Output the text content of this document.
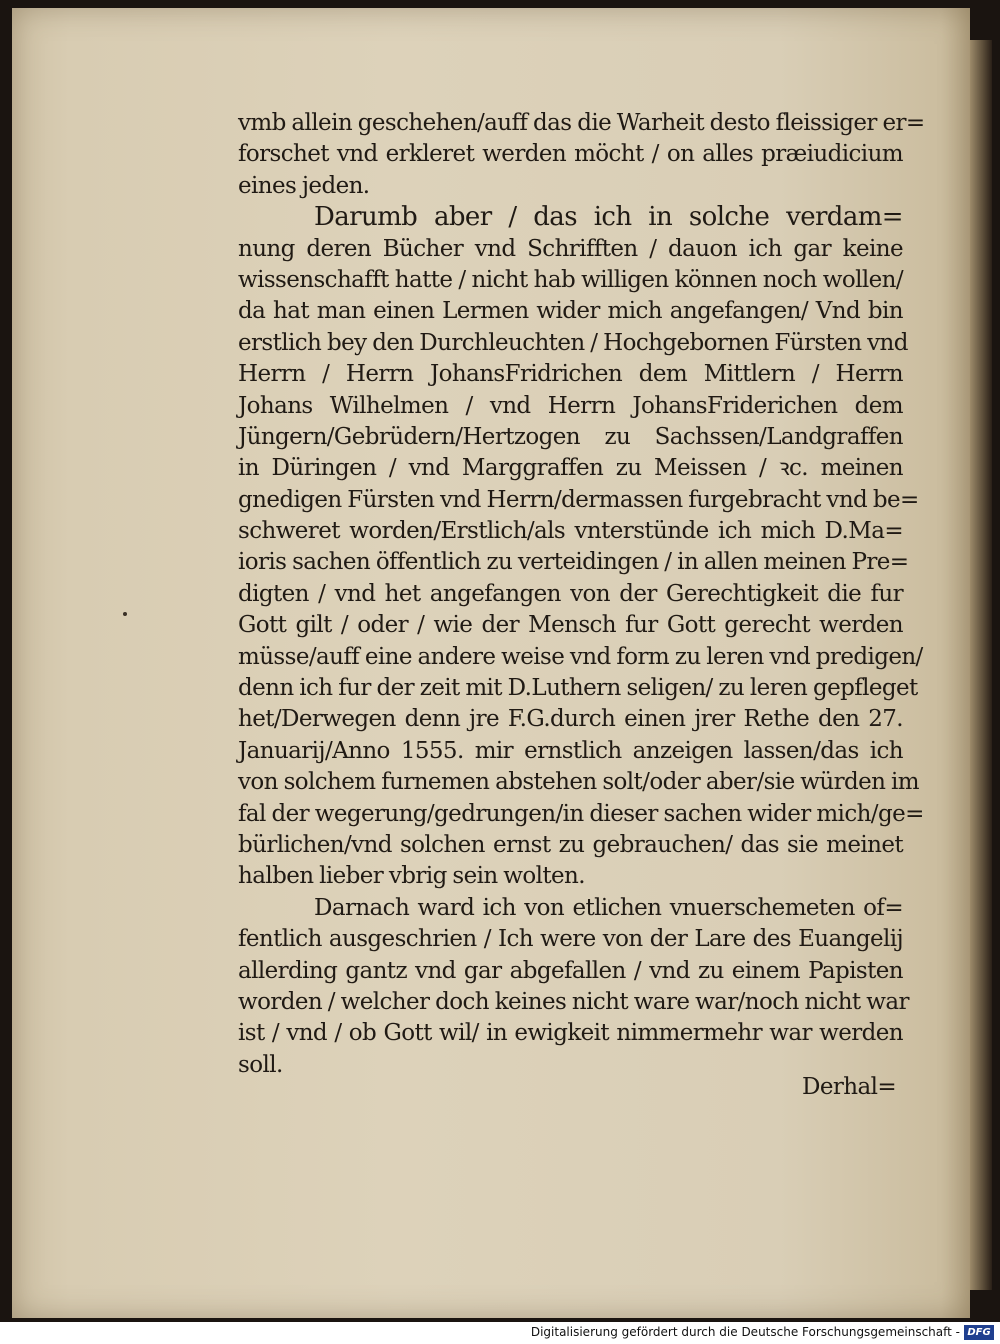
vmb allein geschehen/auff das die Warheit desto fleissiger er=
forschet vnd erkleret werden möcht / on alles præiudicium
eines jeden.
Darumb aber / das ich in solche verdam=
nung deren Bücher vnd Schrifften / dauon ich gar keine
wissenschafft hatte / nicht hab willigen können noch wollen/
da hat man einen Lermen wider mich angefangen/ Vnd bin
erstlich bey den Durchleuchten / Hochgebornen Fürsten vnd
Herrn / Herrn JohansFridrichen dem Mittlern / Herrn
Johans Wilhelmen / vnd Herrn JohansFriderichen dem
Jüngern/Gebrüdern/Hertzogen zu Sachssen/Landgraffen
in Düringen / vnd Marggraffen zu Meissen / ꝛc. meinen
gnedigen Fürsten vnd Herrn/dermassen furgebracht vnd be=
schweret worden/Erstlich/als vnterstünde ich mich D.Ma=
ioris sachen öffentlich zu verteidingen / in allen meinen Pre=
digten / vnd het angefangen von der Gerechtigkeit die fur
Gott gilt / oder / wie der Mensch fur Gott gerecht werden
müsse/auff eine andere weise vnd form zu leren vnd predigen/
denn ich fur der zeit mit D.Luthern seligen/ zu leren gepfleget
het/Derwegen denn jre F.G.durch einen jrer Rethe den 27.
Januarij/Anno 1555. mir ernstlich anzeigen lassen/das ich
von solchem furnemen abstehen solt/oder aber/sie würden im
fal der wegerung/gedrungen/in dieser sachen wider mich/ge=
bürlichen/vnd solchen ernst zu gebrauchen/ das sie meinet
halben lieber vbrig sein wolten.
Darnach ward ich von etlichen vnuerschemeten of=
fentlich ausgeschrien / Ich were von der Lare des Euangelij
allerding gantz vnd gar abgefallen / vnd zu einem Papisten
worden / welcher doch keines nicht ware war/noch nicht war
ist / vnd / ob Gott wil/ in ewigkeit nimmermehr war werden
soll.
Derhal=
Digitalisierung gefördert durch die Deutsche Forschungsgemeinschaft - DFG
